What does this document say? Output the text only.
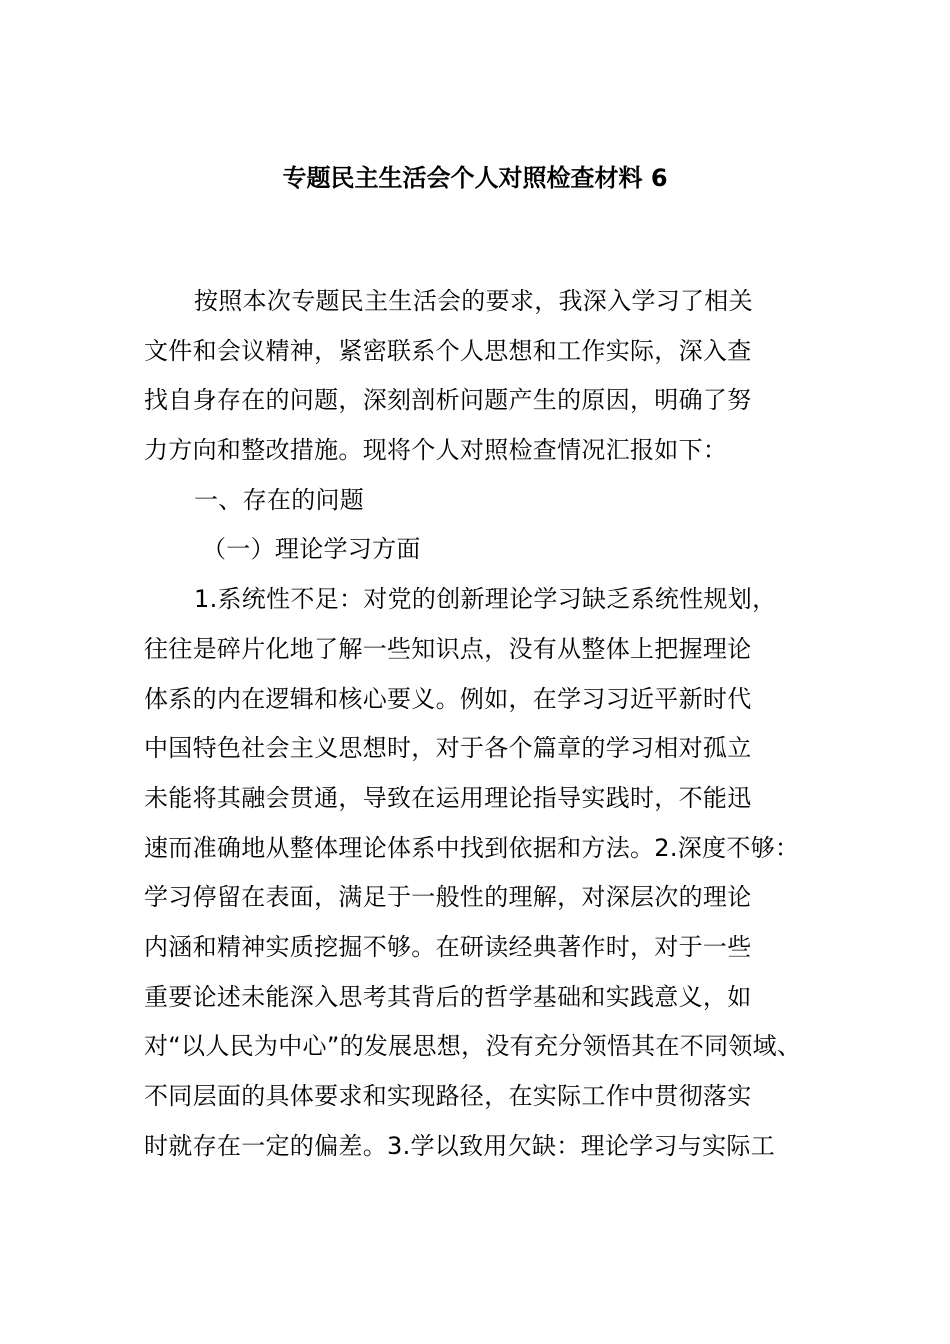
专题民主生活会个人对照检查材料 6
按照本次专题民主生活会的要求，我深入学习了相关
文件和会议精神，紧密联系个人思想和工作实际，深入查
找自身存在的问题，深刻剖析问题产生的原因，明确了努
力方向和整改措施。现将个人对照检查情况汇报如下：
一、存在的问题
（一）理论学习方面
1.系统性不足：对党的创新理论学习缺乏系统性规划，
往往是碎片化地了解一些知识点，没有从整体上把握理论
体系的内在逻辑和核心要义。例如，在学习习近平新时代
中国特色社会主义思想时，对于各个篇章的学习相对孤立
未能将其融会贯通，导致在运用理论指导实践时，不能迅
速而准确地从整体理论体系中找到依据和方法。2.深度不够：
学习停留在表面，满足于一般性的理解，对深层次的理论
内涵和精神实质挖掘不够。在研读经典著作时，对于一些
重要论述未能深入思考其背后的哲学基础和实践意义，如
对“以人民为中心”的发展思想，没有充分领悟其在不同领域、
不同层面的具体要求和实现路径，在实际工作中贯彻落实
时就存在一定的偏差。3.学以致用欠缺：理论学习与实际工
